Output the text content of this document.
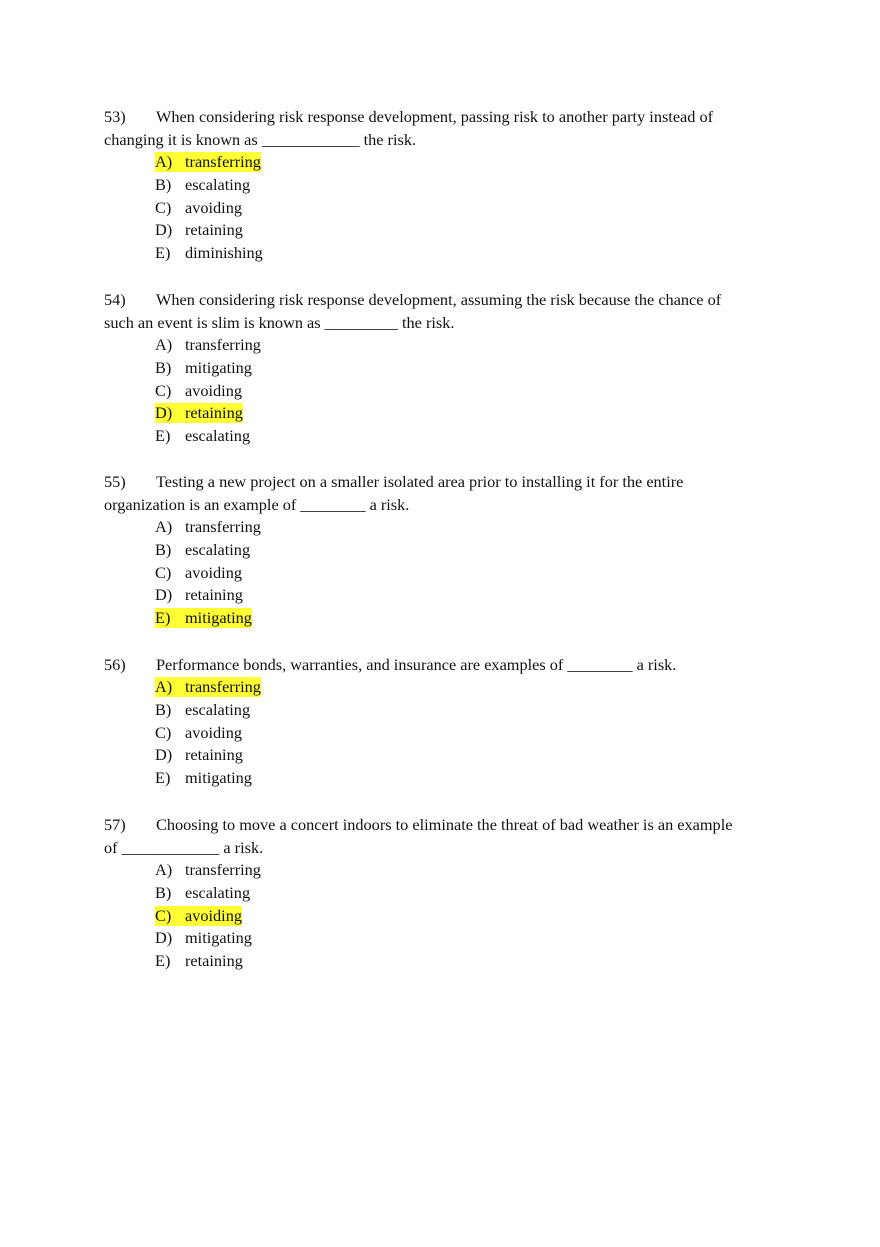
53) When considering risk response development, passing risk to another party instead of
changing it is known as ____________ the risk.
A) transferring
B) escalating
C) avoiding
D) retaining
E) diminishing
54) When considering risk response development, assuming the risk because the chance of
such an event is slim is known as _________ the risk.
A) transferring
B) mitigating
C) avoiding
D) retaining
E) escalating
55) Testing a new project on a smaller isolated area prior to installing it for the entire
organization is an example of ________ a risk.
A) transferring
B) escalating
C) avoiding
D) retaining
E) mitigating
56) Performance bonds, warranties, and insurance are examples of ________ a risk.
A) transferring
B) escalating
C) avoiding
D) retaining
E) mitigating
57) Choosing to move a concert indoors to eliminate the threat of bad weather is an example
of ____________ a risk.
A) transferring
B) escalating
C) avoiding
D) mitigating
E) retaining
